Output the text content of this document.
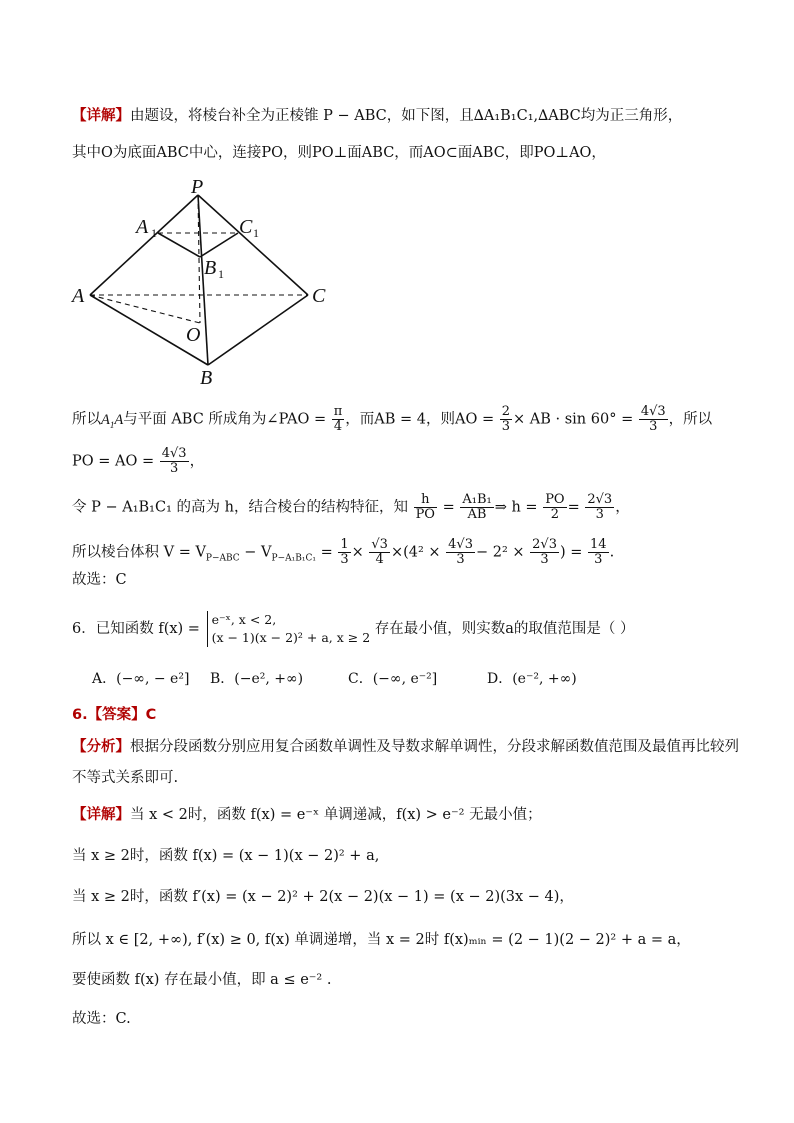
【详解】由题设，将棱台补全为正棱锥 P − ABC，如下图，且∆A₁B₁C₁,∆ABC均为正三角形，
其中O为底面ABC中心，连接PO，则PO⊥面ABC，而AO⊂面ABC，即PO⊥AO，
P
A 1	C 1
B 1
A	C
O
B
所以$A_1A$与平面 ABC 所成角为∠PAO = $\frac{\pi}{4}$ ，而AB = 4，则AO = $\frac{2}{3}$ × AB · $\sin 60^\circ = \frac{4√3}{3}$ ，所以
PO = AO = $\frac{4√3}{3}$ ，
令 P − A₁B₁C₁ 的高为 h，结合棱台的结构特征，知 $\frac{h}{PO} = \frac{\text{A₁B₁}}{AB}$ ⇒ $h = \frac{PO}{2} = \frac{2√3}{3}$ ，
所以棱台体积 $V = V_{P-ABC} - V_{P-A_1B_1C_1} = \frac{1}{3} \times \frac{√3}{4} \times(4^2 \times \frac{4√3}{3} - 2^2 \times \frac{2√3}{3}$ ) = $\frac{14}{3}$ .
故选：C
6．已知函数 f(x) =
e⁻ˣ, x < 2,
(x − 1)(x − 2)² + a, x ≥ 2
存在最小值，则实数a的取值范围是（ ）
A．(−∞, − e²] B．(−e², +∞)	C．(−∞, e⁻²]	D．(e⁻², +∞)
6.【答案】C
【分析】根据分段函数分别应用复合函数单调性及导数求解单调性，分段求解函数值范围及最值再比较列
不等式关系即可.
【详解】当 x < 2时，函数 f(x) = e⁻ˣ 单调递减，f(x) > e⁻² 无最小值；
当 x ≥ 2时，函数 f(x) = (x − 1)(x − 2)² + a,
当 x ≥ 2时，函数 f′(x) = (x − 2)² + 2(x − 2)(x − 1) = (x − 2)(3x − 4)，
所以 x ∈ [2, +∞), f′(x) ≥ 0, f(x) 单调递增，当 x = 2时 f(x)ₘᵢₙ = (2 − 1)(2 − 2)² + a = a，
要使函数 f(x) 存在最小值，即 a ≤ e⁻² .
故选：C.
